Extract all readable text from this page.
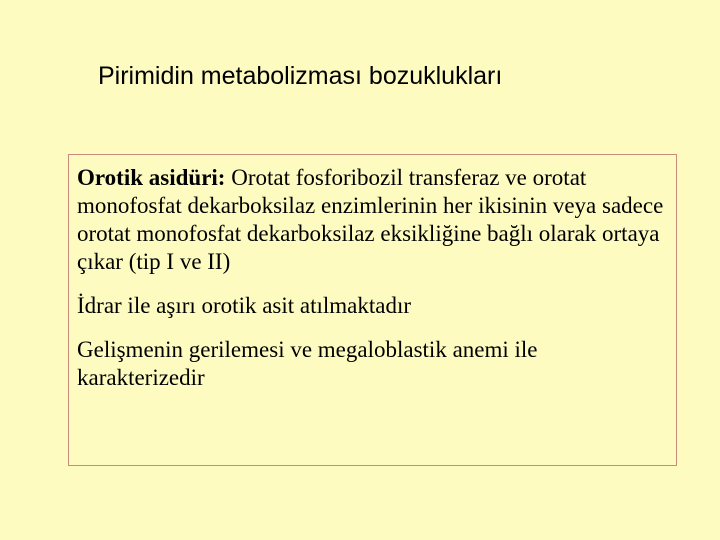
Pirimidin metabolizması bozuklukları

Orotik asidüri: Orotat fosforibozil transferaz ve orotat monofosfat dekarboksilaz enzimlerinin her ikisinin veya sadece orotat monofosfat dekarboksilaz eksikliğine bağlı olarak ortaya çıkar (tip I ve II)

İdrar ile aşırı orotik asit atılmaktadır

Gelişmenin gerilemesi ve megaloblastik anemi ile karakterizedir
